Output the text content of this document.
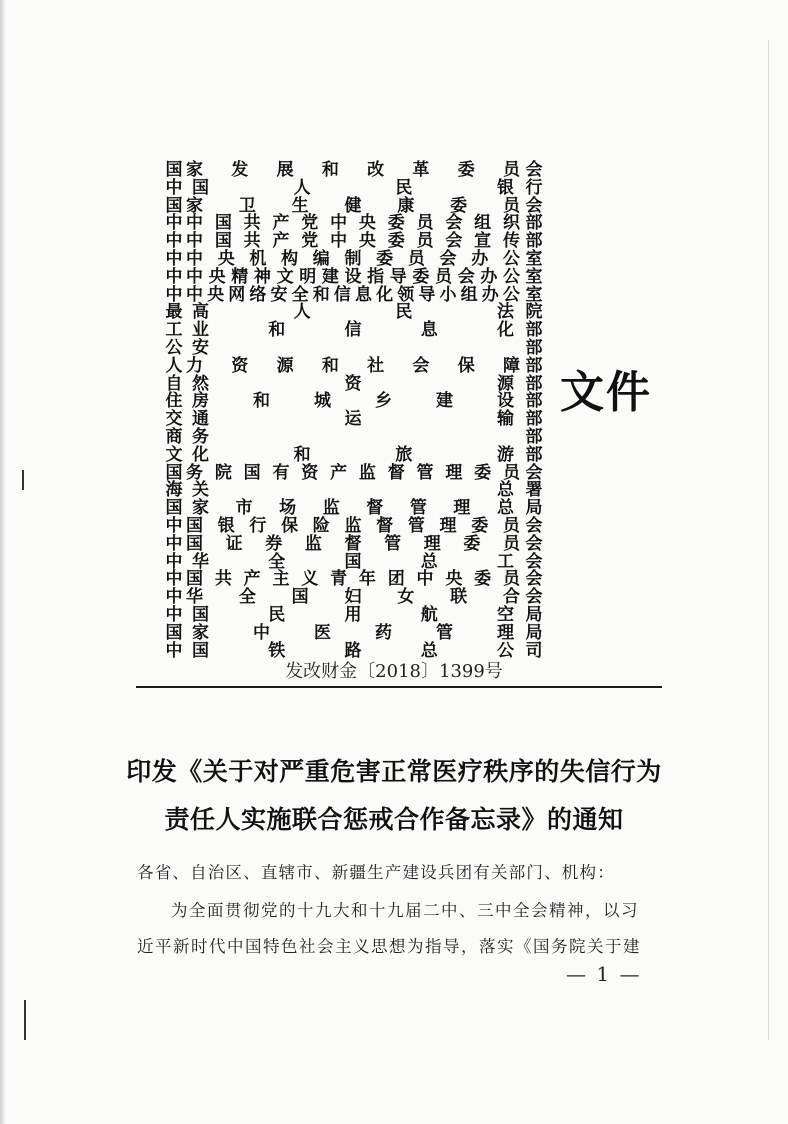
国 家 发 展 和 改 革 委 员 会
中 国	人	民	银 行
国 家 卫 生 健 康 委 员 会
中 中 国 共 产 党 中 央 委 员 会 组 织 部
中 中 国 共 产 党 中 央 委 员 会 宣 传 部
中 中 央 机 构 编 制 委 员 会 办 公 室
中 中 央 精 神 文 明 建 设 指 导 委 员 会 办 公 室
中 中 央 网 络 安 全 和 信 息 化 领 导 小 组 办 公 室
最 高	人	民	法 院
工 业	和	信	息	化 部
公 安	部
人 力 资 源 和 社 会 保 障 部
自 然	资	源 部
住 房	和	城	乡	建	设 部
交 通	运	输 部
商 务	部
文 化	和	旅	游 部
国 务 院 国 有 资 产 监 督 管 理 委 员 会
海 关	总 署
国 家 市 场 监 督 管 理 总 局
中 国 银 行 保 险 监 督 管 理 委 员 会
中 国 证 券 监 督 管 理 委 员 会
中 华	全	国	总	工 会
中 国 共 产 主 义 青 年 团 中 央 委 员 会
中 华 全 国 妇 女 联 合 会
中 国	民	用	航	空 局
国 家	中	医	药	管	理 局
中 国	铁	路	总	公 司
文件
发改财金〔2018〕1399号
印发《关于对严重危害正常医疗秩序的失信行为
责任人实施联合惩戒合作备忘录》的通知
各省、自治区、直辖市、新疆生产建设兵团有关部门、机构：
为全面贯彻党的十九大和十九届二中、三中全会精神，以习
近平新时代中国特色社会主义思想为指导，落实《国务院关于建
— 1 —
